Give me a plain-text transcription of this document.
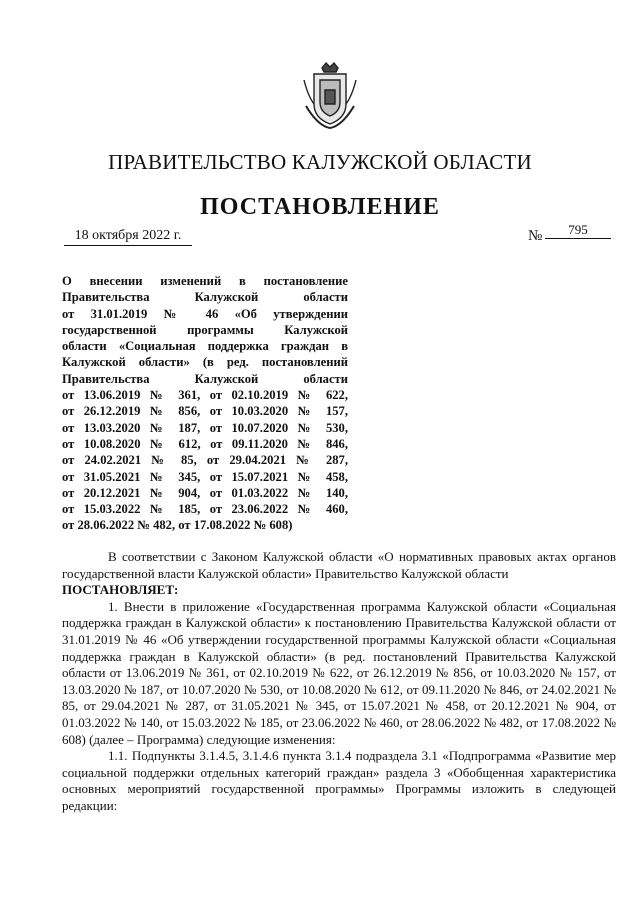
ПРАВИТЕЛЬСТВО КАЛУЖСКОЙ ОБЛАСТИ
ПОСТАНОВЛЕНИЕ
18 октября 2022 г.	№	795
О внесении изменений в постановление
Правительства Калужской области
от 31.01.2019 № 46 «Об утверждении
государственной программы Калужской
области «Социальная поддержка граждан в
Калужской области» (в ред. постановлений
Правительства Калужской области
от 13.06.2019 № 361, от 02.10.2019 № 622,
от 26.12.2019 № 856, от 10.03.2020 № 157,
от 13.03.2020 № 187, от 10.07.2020 № 530,
от 10.08.2020 № 612, от 09.11.2020 № 846,
от 24.02.2021 № 85, от 29.04.2021 № 287,
от 31.05.2021 № 345, от 15.07.2021 № 458,
от 20.12.2021 № 904, от 01.03.2022 № 140,
от 15.03.2022 № 185, от 23.06.2022 № 460,
от 28.06.2022 № 482, от 17.08.2022 № 608)

В соответствии с Законом Калужской области «О нормативных правовых актах органов государственной власти Калужской области» Правительство Калужской области

ПОСТАНОВЛЯЕТ:

1. Внести в приложение «Государственная программа Калужской области «Социальная поддержка граждан в Калужской области» к постановлению Правительства Калужской области от 31.01.2019 № 46 «Об утверждении государственной программы Калужской области «Социальная поддержка граждан в Калужской области» (в ред. постановлений Правительства Калужской области от 13.06.2019 № 361, от 02.10.2019 № 622, от 26.12.2019 № 856, от 10.03.2020 № 157, от 13.03.2020 № 187, от 10.07.2020 № 530, от 10.08.2020 № 612, от 09.11.2020 № 846, от 24.02.2021 № 85, от 29.04.2021 № 287, от 31.05.2021 № 345, от 15.07.2021 № 458, от 20.12.2021 № 904, от 01.03.2022 № 140, от 15.03.2022 № 185, от 23.06.2022 № 460, от 28.06.2022 № 482, от 17.08.2022 № 608) (далее – Программа) следующие изменения:

1.1. Подпункты 3.1.4.5, 3.1.4.6 пункта 3.1.4 подраздела 3.1 «Подпрограмма «Развитие мер социальной поддержки отдельных категорий граждан» раздела 3 «Обобщенная характеристика основных мероприятий государственной программы» Программы изложить в следующей редакции:
